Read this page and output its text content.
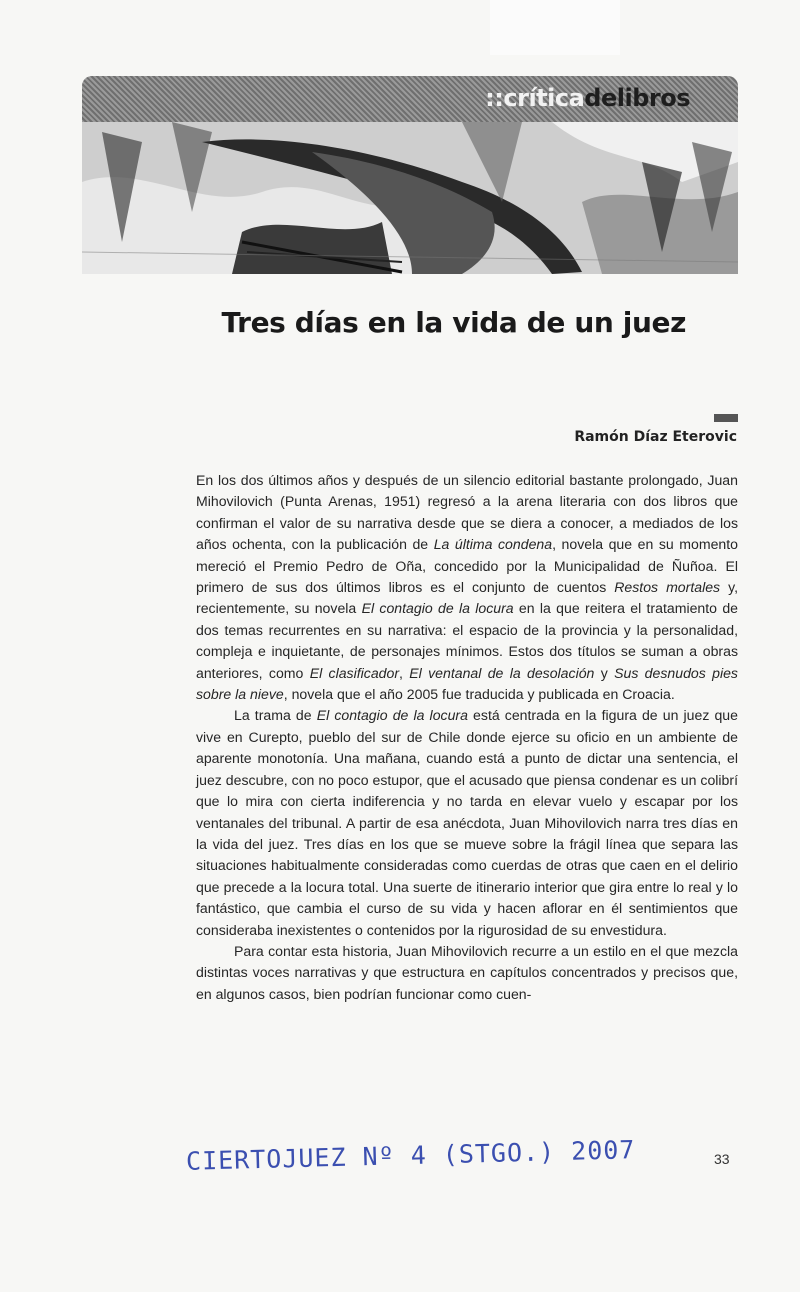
::críticadelibros
Tres días en la vida de un juez
Ramón Díaz Eterovic

En los dos últimos años y después de un silencio editorial bastante prolongado, Juan Mihovilovich (Punta Arenas, 1951) regresó a la arena literaria con dos libros que confirman el valor de su narrativa desde que se diera a conocer, a mediados de los años ochenta, con la publicación de La última condena, novela que en su momento mereció el Premio Pedro de Oña, concedido por la Municipalidad de Ñuñoa. El primero de sus dos últimos libros es el conjunto de cuentos Restos mortales y, recientemente, su novela El contagio de la locura en la que reitera el tratamiento de dos temas recurrentes en su narrativa: el espacio de la provincia y la personalidad, compleja e inquietante, de personajes mínimos. Estos dos títulos se suman a obras anteriores, como El clasificador, El ventanal de la desolación y Sus desnudos pies sobre la nieve, novela que el año 2005 fue traducida y publicada en Croacia.

La trama de El contagio de la locura está centrada en la figura de un juez que vive en Curepto, pueblo del sur de Chile donde ejerce su oficio en un ambiente de aparente monotonía. Una mañana, cuando está a punto de dictar una sentencia, el juez descubre, con no poco estupor, que el acusado que piensa condenar es un colibrí que lo mira con cierta indiferencia y no tarda en elevar vuelo y escapar por los ventanales del tribunal. A partir de esa anécdota, Juan Mihovilovich narra tres días en la vida del juez. Tres días en los que se mueve sobre la frágil línea que separa las situaciones habitualmente consideradas como cuerdas de otras que caen en el delirio que precede a la locura total. Una suerte de itinerario interior que gira entre lo real y lo fantástico, que cambia el curso de su vida y hacen aflorar en él sentimientos que consideraba inexistentes o contenidos por la rigurosidad de su envestidura.

Para contar esta historia, Juan Mihovilovich recurre a un estilo en el que mezcla distintas voces narrativas y que estructura en capítulos concentrados y precisos que, en algunos casos, bien podrían funcionar como cuen-

CIERTOJUEZ Nº 4 (STGO.) 2007	33
